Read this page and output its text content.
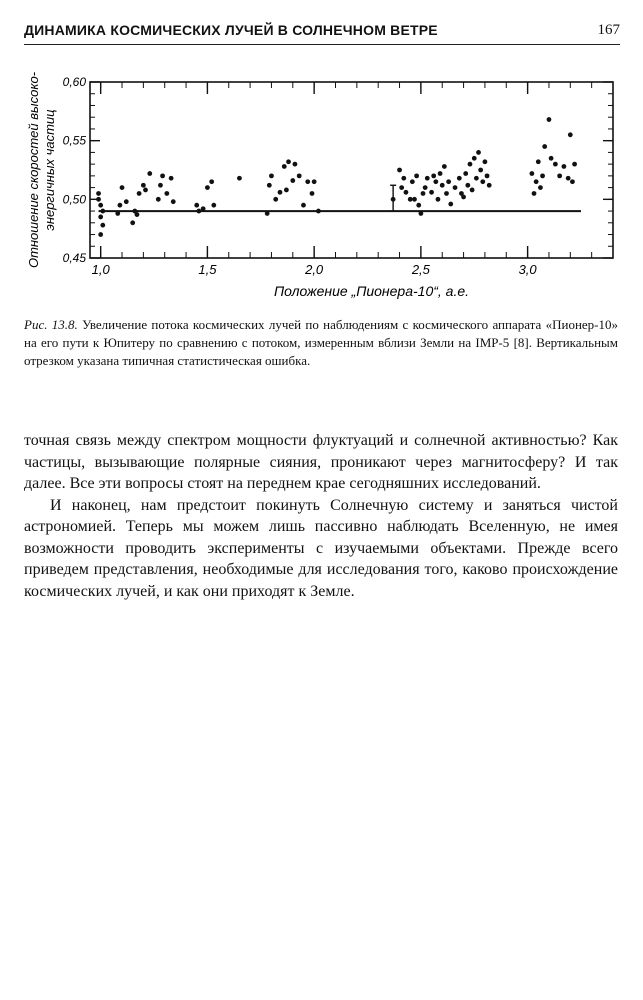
ДИНАМИКА КОСМИЧЕСКИХ ЛУЧЕЙ В СОЛНЕЧНОМ ВЕТРЕ	167
1,0	1,5	2,0	2,5	3,0
0,45
0,50
0,55
0,60
Положение „Пионера-10“, а.е.
Отношение скоростей высоко- энергичных частиц
Рис. 13.8. Увеличение потока космических лучей по наблюдениям с космического аппарата «Пионер-10» на его пути к Юпитеру по сравнению с потоком, измеренным вблизи Земли на IMP-5 [8]. Вертикальным отрезком указана типичная статистическая ошибка.

точная связь между спектром мощности флуктуаций и солнечной активностью? Как частицы, вызывающие полярные сияния, проникают через магнитосферу? И так далее. Все эти вопросы стоят на переднем крае сегодняшних исследований.

И наконец, нам предстоит покинуть Солнечную систему и заняться чистой астрономией. Теперь мы можем лишь пассивно наблюдать Вселенную, не имея возможности проводить эксперименты с изучаемыми объектами. Прежде всего приведем представления, необходимые для исследования того, каково происхождение космических лучей, и как они приходят к Земле.
